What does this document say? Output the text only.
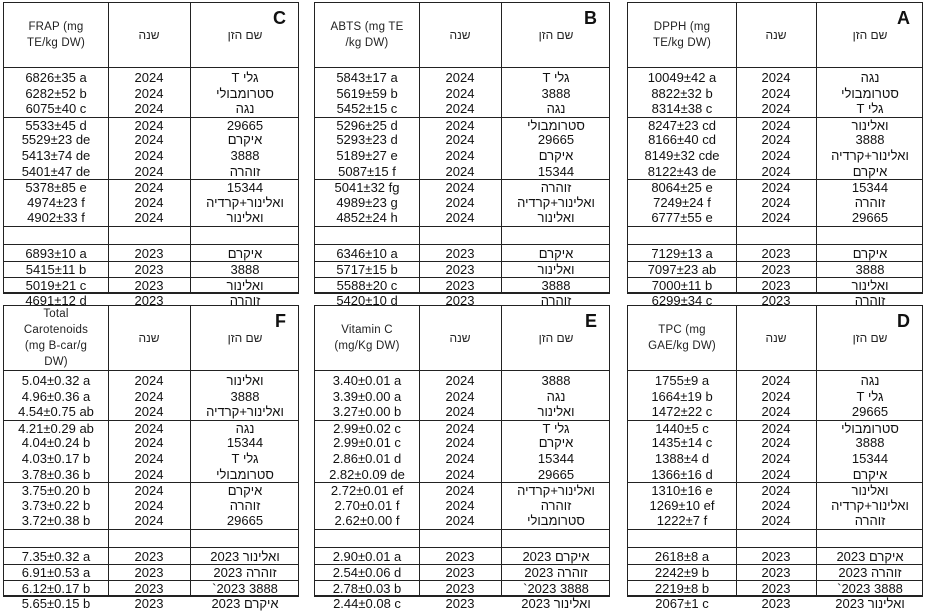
FRAP (mg
TE/kg DW)
שנה	שם הזן
C
6826±35 a	2024	גלי T
6282±52 b	2024	סטרומבולי
6075±40 c	2024	נגה
5533±45 d	2024	29665
5529±23 de	2024	איקרם
5413±74 de	2024	3888
5401±47 de	2024	זוהרה
5378±85 e	2024	15344
4974±23 f	2024	ואלינור+קרדיה
4902±33 f	2024	ואלינור
6893±10 a	2023	איקרם
5415±11 b	2023	3888
5019±21 c	2023	ואלינור
4691±12 d	2023	זוהרה
ABTS (mg TE
/kg DW)
שנה	שם הזן
B
5843±17 a	2024	גלי T
5619±59 b	2024	3888
5452±15 c	2024	נגה
5296±25 d	2024	סטרומבולי
5293±23 d	2024	29665
5189±27 e	2024	איקרם
5087±15 f	2024	15344
5041±32 fg	2024	זוהרה
4989±23 g	2024	ואלינור+קרדיה
4852±24 h	2024	ואלינור
6346±10 a	2023	איקרם
5717±15 b	2023	ואלינור
5588±20 c	2023	3888
5420±10 d	2023	זוהרה
DPPH (mg
TE/kg DW)
שנה	שם הזן
A
10049±42 a	2024	נגה
8822±32 b	2024	סטרומבולי
8314±38 c	2024	גלי T
8247±23 cd	2024	ואלינור
8166±40 cd	2024	3888
8149±32 cde	2024	ואלינור+קרדיה
8122±43 de	2024	איקרם
8064±25 e	2024	15344
7249±24 f	2024	זוהרה
6777±55 e	2024	29665
7129±13 a	2023	איקרם
7097±23 ab	2023	3888
7000±11 b	2023	ואלינור
6299±34 c	2023	זוהרה
Total
Carotenoids
(mg B-car/g
DW)
שנה	שם הזן
F
5.04±0.32 a	2024	ואלינור
4.96±0.36 a	2024	3888
4.54±0.75 ab	2024	ואלינור+קרדיה
4.21±0.29 ab	2024	נגה
4.04±0.24 b	2024	15344
4.03±0.17 b	2024	גלי T
3.78±0.36 b	2024	סטרומבולי
3.75±0.20 b	2024	איקרם
3.73±0.22 b	2024	זוהרה
3.72±0.38 b	2024	29665
7.35±0.32 a	2023	ואלינור 2023
6.91±0.53 a	2023	זוהרה 2023
6.12±0.17 b	2023	3888 2023`
5.65±0.15 b	2023	איקרם 2023
Vitamin C
(mg/Kg DW)
שנה	שם הזן
E
3.40±0.01 a	2024	3888
3.39±0.00 a	2024	נגה
3.27±0.00 b	2024	ואלינור
2.99±0.02 c	2024	גלי T
2.99±0.01 c	2024	איקרם
2.86±0.01 d	2024	15344
2.82±0.09 de	2024	29665
2.72±0.01 ef	2024	ואלינור+קרדיה
2.70±0.01 f	2024	זוהרה
2.62±0.00 f	2024	סטרומבולי
2.90±0.01 a	2023	איקרם 2023
2.54±0.06 d	2023	זוהרה 2023
2.78±0.03 b	2023	3888 2023`
2.44±0.08 c	2023	ואלינור 2023
TPC (mg
GAE/kg DW)
שנה	שם הזן
D
1755±9 a	2024	נגה
1664±19 b	2024	גלי T
1472±22 c	2024	29665
1440±5 c	2024	סטרומבולי
1435±14 c	2024	3888
1388±4 d	2024	15344
1366±16 d	2024	איקרם
1310±16 e	2024	ואלינור
1269±10 ef	2024	ואלינור+קרדיה
1222±7 f	2024	זוהרה
2618±8 a	2023	איקרם 2023
2242±9 b	2023	זוהרה 2023
2219±8 b	2023	3888 2023`
2067±1 c	2023	ואלינור 2023
